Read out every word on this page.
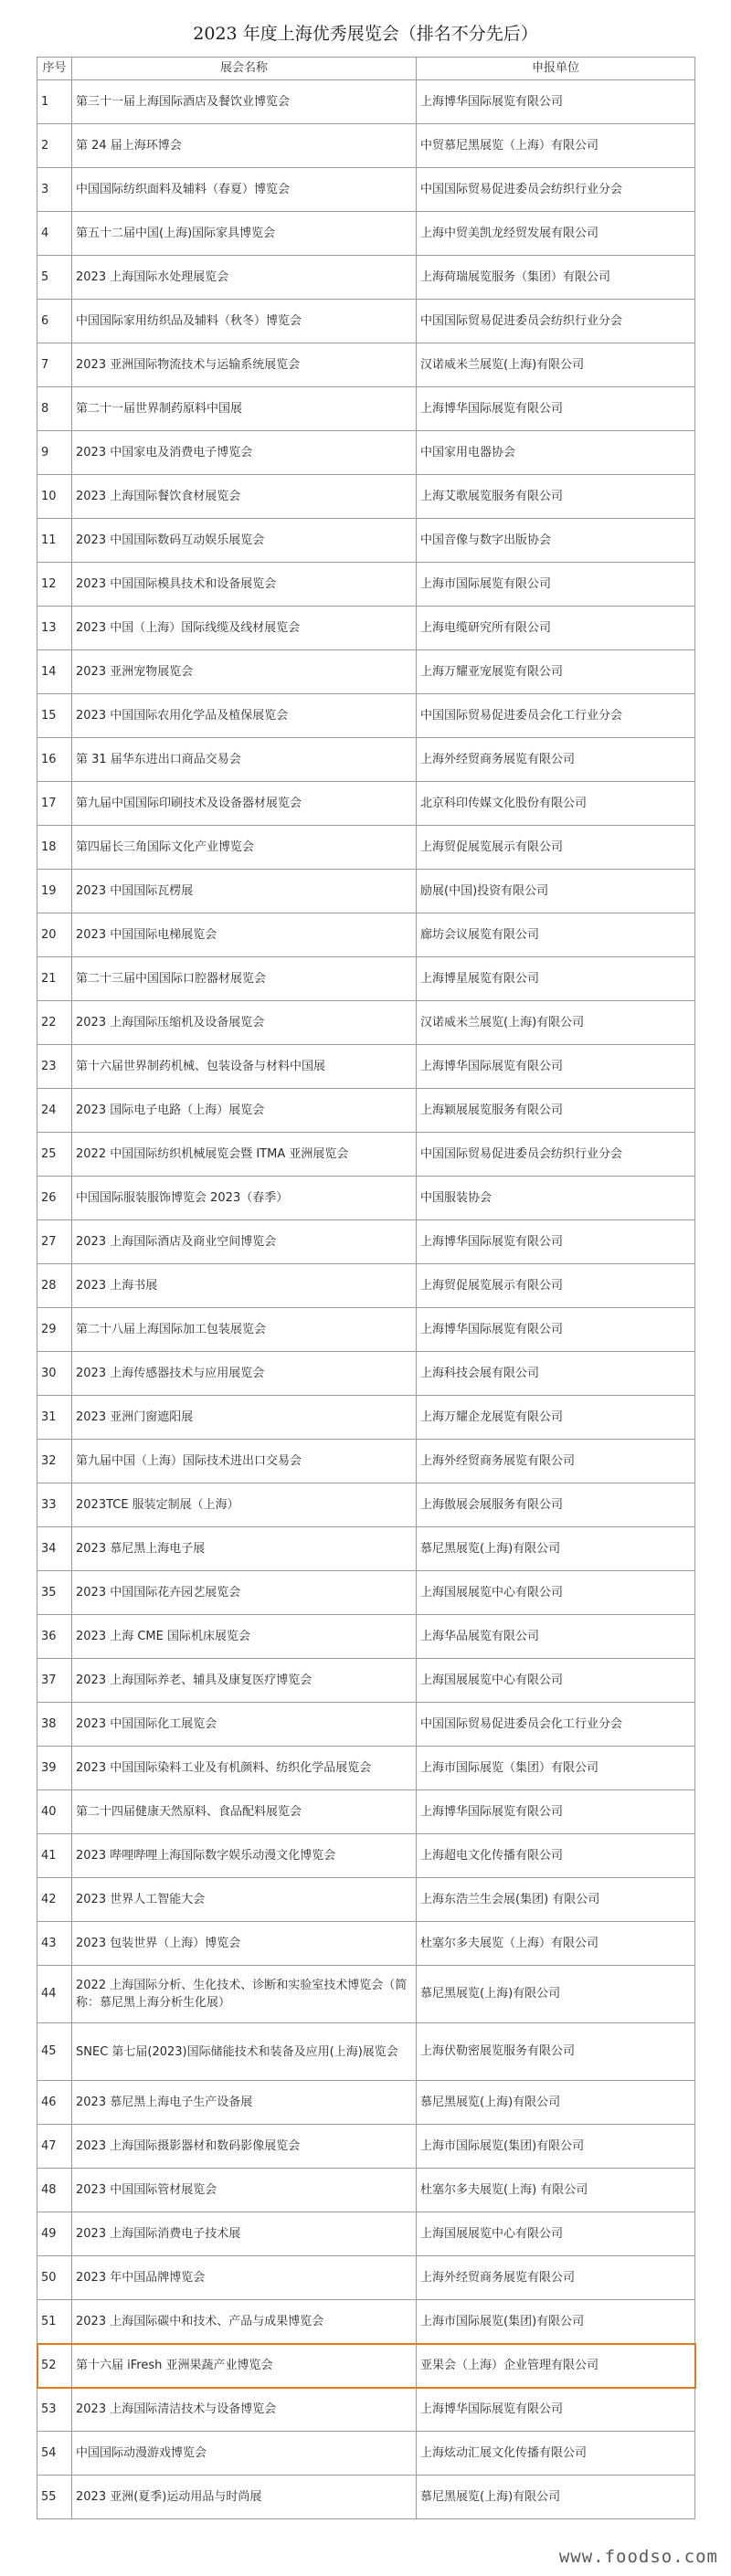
2023 年度上海优秀展览会（排名不分先后）
序号	展会名称	申报单位
1	第三十一届上海国际酒店及餐饮业博览会	上海博华国际展览有限公司
2	第 24 届上海环博会	中贸慕尼黑展览（上海）有限公司
3	中国国际纺织面料及辅料（春夏）博览会	中国国际贸易促进委员会纺织行业分会
4	第五十二届中国(上海)国际家具博览会	上海中贸美凯龙经贸发展有限公司
5	2023 上海国际水处理展览会	上海荷瑞展览服务（集团）有限公司
6	中国国际家用纺织品及辅料（秋冬）博览会	中国国际贸易促进委员会纺织行业分会
7	2023 亚洲国际物流技术与运输系统展览会	汉诺威米兰展览(上海)有限公司
8	第二十一届世界制药原料中国展	上海博华国际展览有限公司
9	2023 中国家电及消费电子博览会	中国家用电器协会
10	2023 上海国际餐饮食材展览会	上海艾歌展览服务有限公司
11	2023 中国国际数码互动娱乐展览会	中国音像与数字出版协会
12	2023 中国国际模具技术和设备展览会	上海市国际展览有限公司
13	2023 中国（上海）国际线缆及线材展览会	上海电缆研究所有限公司
14	2023 亚洲宠物展览会	上海万耀亚宠展览有限公司
15	2023 中国国际农用化学品及植保展览会	中国国际贸易促进委员会化工行业分会
16	第 31 届华东进出口商品交易会	上海外经贸商务展览有限公司
17	第九届中国国际印刷技术及设备器材展览会	北京科印传媒文化股份有限公司
18	第四届长三角国际文化产业博览会	上海贸促展览展示有限公司
19	2023 中国国际瓦楞展	励展(中国)投资有限公司
20	2023 中国国际电梯展览会	廊坊会议展览有限公司
21	第二十三届中国国际口腔器材展览会	上海博星展览有限公司
22	2023 上海国际压缩机及设备展览会	汉诺威米兰展览(上海)有限公司
23	第十六届世界制药机械、包装设备与材料中国展	上海博华国际展览有限公司
24	2023 国际电子电路（上海）展览会	上海颖展展览服务有限公司
25	2022 中国国际纺织机械展览会暨 ITMA 亚洲展览会	中国国际贸易促进委员会纺织行业分会
26	中国国际服装服饰博览会 2023（春季）	中国服装协会
27	2023 上海国际酒店及商业空间博览会	上海博华国际展览有限公司
28	2023 上海书展	上海贸促展览展示有限公司
29	第二十八届上海国际加工包装展览会	上海博华国际展览有限公司
30	2023 上海传感器技术与应用展览会	上海科技会展有限公司
31	2023 亚洲门窗遮阳展	上海万耀企龙展览有限公司
32	第九届中国（上海）国际技术进出口交易会	上海外经贸商务展览有限公司
33	2023TCE 服装定制展（上海）	上海傲展会展服务有限公司
34	2023 慕尼黑上海电子展	慕尼黑展览(上海)有限公司
35	2023 中国国际花卉园艺展览会	上海国展展览中心有限公司
36	2023 上海 CME 国际机床展览会	上海华品展览有限公司
37	2023 上海国际养老、辅具及康复医疗博览会	上海国展展览中心有限公司
38	2023 中国国际化工展览会	中国国际贸易促进委员会化工行业分会
39	2023 中国国际染料工业及有机颜料、纺织化学品展览会	上海市国际展览（集团）有限公司
40	第二十四届健康天然原料、食品配料展览会	上海博华国际展览有限公司
41	2023 哔哩哔哩上海国际数字娱乐动漫文化博览会	上海超电文化传播有限公司
42	2023 世界人工智能大会	上海东浩兰生会展(集团) 有限公司
43	2023 包装世界（上海）博览会	杜塞尔多夫展览（上海）有限公司
44	2022 上海国际分析、生化技术、诊断和实验室技术博览会（简称：慕尼黑上海分析生化展）	慕尼黑展览(上海)有限公司
45	SNEC 第七届(2023)国际储能技术和装备及应用(上海)展览会	上海伏勒密展览服务有限公司
46	2023 慕尼黑上海电子生产设备展	慕尼黑展览(上海)有限公司
47	2023 上海国际摄影器材和数码影像展览会	上海市国际展览(集团)有限公司
48	2023 中国国际管材展览会	杜塞尔多夫展览(上海) 有限公司
49	2023 上海国际消费电子技术展	上海国展展览中心有限公司
50	2023 年中国品牌博览会	上海外经贸商务展览有限公司
51	2023 上海国际碳中和技术、产品与成果博览会	上海市国际展览(集团)有限公司
52	第十六届 iFresh 亚洲果蔬产业博览会	亚果会（上海）企业管理有限公司
53	2023 上海国际清洁技术与设备博览会	上海博华国际展览有限公司
54	中国国际动漫游戏博览会	上海炫动汇展文化传播有限公司
55	2023 亚洲(夏季)运动用品与时尚展	慕尼黑展览(上海)有限公司
www.foodso.com
